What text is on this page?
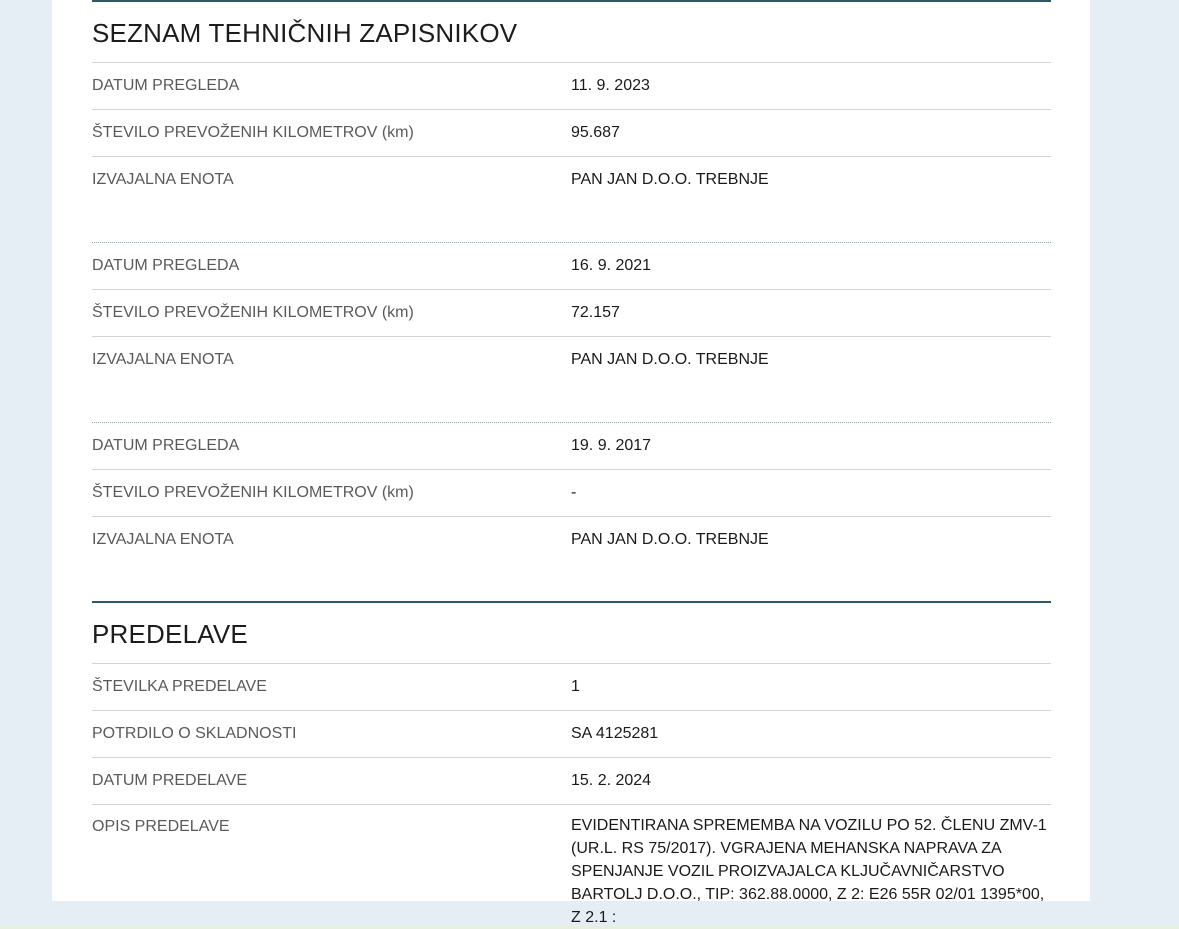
SEZNAM TEHNIČNIH ZAPISNIKOV
DATUM PREGLEDA	11. 9. 2023
ŠTEVILO PREVOŽENIH KILOMETROV (km)	95.687
IZVAJALNA ENOTA	PAN JAN D.O.O. TREBNJE
DATUM PREGLEDA	16. 9. 2021
ŠTEVILO PREVOŽENIH KILOMETROV (km)	72.157
IZVAJALNA ENOTA	PAN JAN D.O.O. TREBNJE
DATUM PREGLEDA	19. 9. 2017
ŠTEVILO PREVOŽENIH KILOMETROV (km)	-
IZVAJALNA ENOTA	PAN JAN D.O.O. TREBNJE
PREDELAVE
ŠTEVILKA PREDELAVE	1
POTRDILO O SKLADNOSTI	SA 4125281
DATUM PREDELAVE	15. 2. 2024
OPIS PREDELAVE	EVIDENTIRANA SPREMEMBA NA VOZILU PO 52. ČLENU ZMV-1 (UR.L. RS 75/2017). VGRAJENA MEHANSKA NAPRAVA ZA SPENJANJE VOZIL PROIZVAJALCA KLJUČAVNIČARSTVO BARTOLJ D.O.O., TIP: 362.88.0000, Z 2: E26 55R 02/01 1395*00, Z 2.1 :
